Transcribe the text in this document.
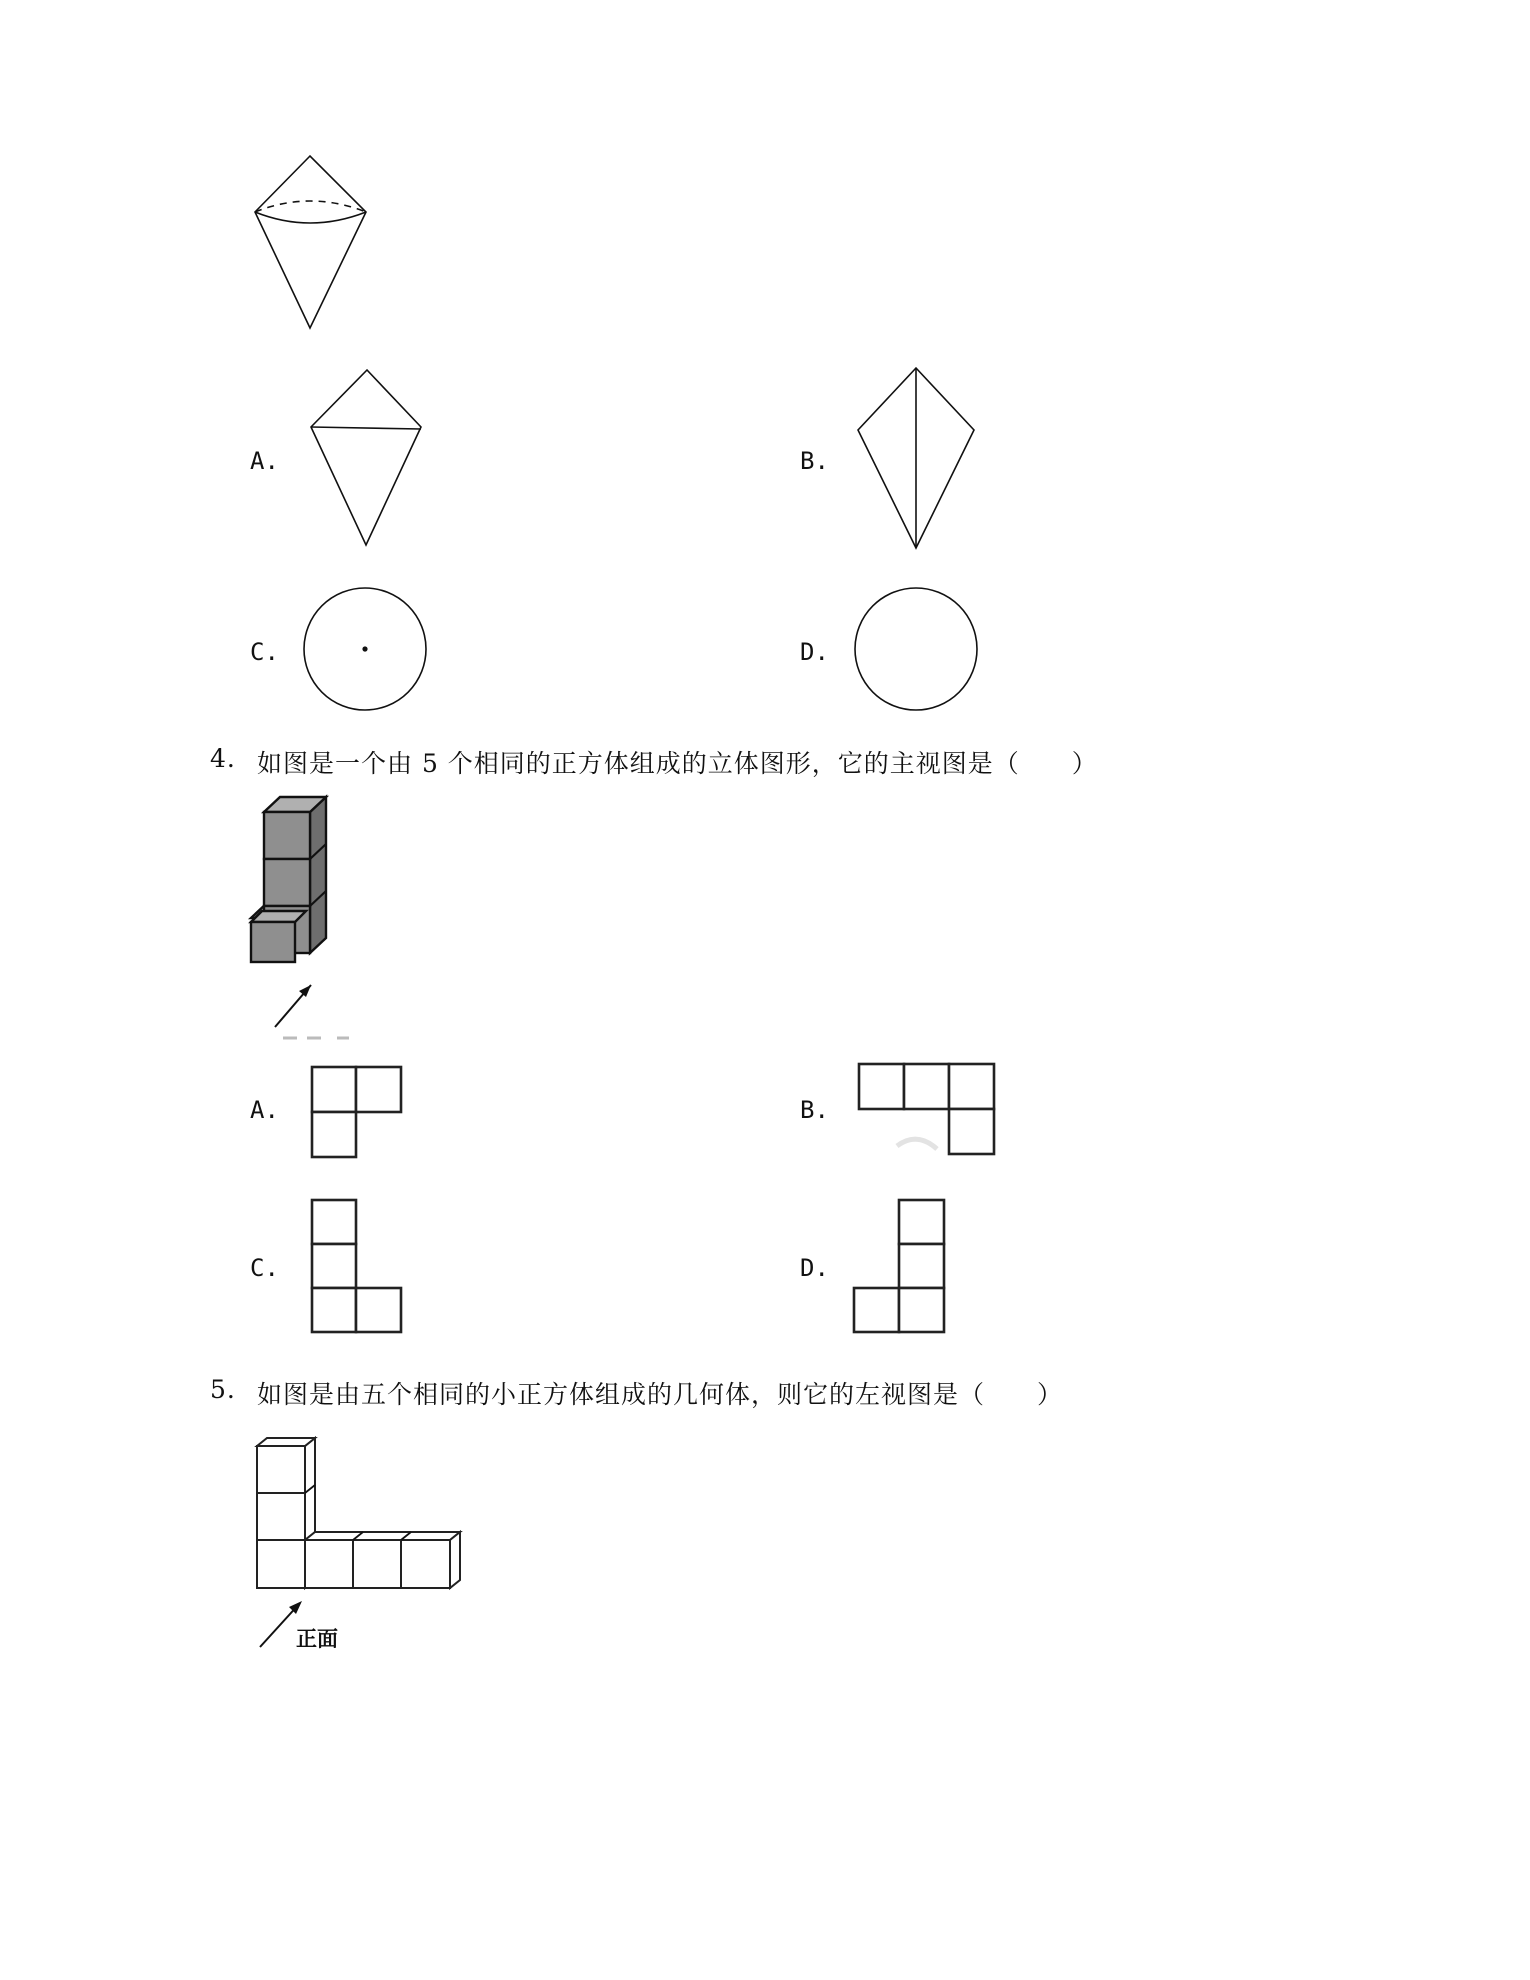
A.	B.
C.	D.
4. 如图是一个由 5 个相同的正方体组成的立体图形，它的主视图是（　　）
A.	B.
C.	D.
5. 如图是由五个相同的小正方体组成的几何体，则它的左视图是（　　）
正面
